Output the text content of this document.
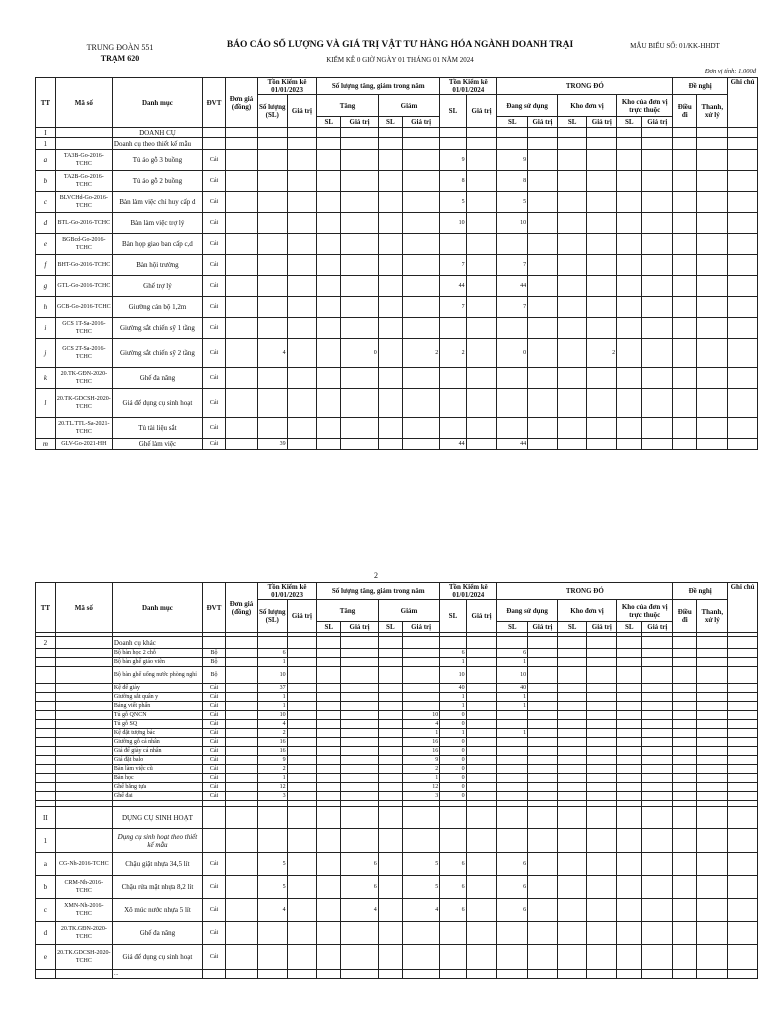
TRUNG ĐOÀN 551
TRẠM 620
BÁO CÁO SỐ LƯỢNG VÀ GIÁ TRỊ VẬT TƯ HÀNG HÓA NGÀNH DOANH TRẠI
KIỂM KÊ 0 GIỜ NGÀY 01 THÁNG 01 NĂM 2024
MẪU BIỂU SỐ: 01/KK-HHDT
Đơn vị tính: 1.000đ
TT	Mã số	Danh mục	ĐVT	Đơn giá (đồng)	Tồn Kiểm kê 01/01/2023		Số lượng tăng, giảm trong năm				Tồn Kiểm kê 01/01/2024		TRONG ĐÓ						Đề nghị		Ghi chú
					Số lượng (SL)	Giá trị	Tăng		Giảm		SL	Giá trị	Đang sử dụng		Kho đơn vị		Kho của đơn vị trực thuộc		Điều đi	Thanh, xử lý	
							SL	Giá trị	SL	Giá trị			SL	Giá trị	SL	Giá trị	SL	Giá trị			
I		DOANH CỤ																			
1		Doanh cụ theo thiết kế mẫu																			
a	TA3B-Go-2016-TCHC	Tủ áo gỗ 3 buồng	Cái								9		9								
b	TA2B-Go-2016-TCHC	Tủ áo gỗ 2 buồng	Cái								8		8								
c	BLVCHd-Go-2016-TCHC	Bàn làm việc chỉ huy cấp d	Cái								5		5								
d	BTL-Go-2016-TCHC	Bàn làm việc trợ lý	Cái								10		10								
e	BGBcd-Go-2016-TCHC	Bàn họp giao ban cấp c,d	Cái																		
f	BHT-Go-2016-TCHC	Bàn hội trường	Cái								7		7								
g	GTL-Go-2016-TCHC	Ghế trợ lý	Cái								44		44								
h	GCB-Go-2016-TCHC	Giường cán bộ 1,2m	Cái								7		7								
i	GCS 1T-Sa-2016-TCHC	Giường sắt chiến sỹ 1 tầng	Cái																		
j	GCS 2T-Sa-2016-TCHC	Giường sắt chiến sỹ 2 tầng	Cái		4			0		2	2		0			2					
k	20.TK-GĐN-2020-TCHC	Ghế đa năng	Cái																		
l	20.TK-GDCSH-2020-TCHC	Giá để dụng cụ sinh hoạt	Cái																		
	20.TL.TTL-Sa-2021-TCHC	Tủ tài liệu sắt	Cái																		
m	GLV-Go-2021-HH	Ghế làm việc	Cái		39						44		44								
2
TT	Mã số	Danh mục	ĐVT	Đơn giá (đồng)	Tồn Kiểm kê 01/01/2023		Số lượng tăng, giảm trong năm				Tồn Kiểm kê 01/01/2024		TRONG ĐÓ						Đề nghị		Ghi chú
					Số lượng (SL)	Giá trị	Tăng		Giảm		SL	Giá trị	Đang sử dụng		Kho đơn vị		Kho của đơn vị trực thuộc		Điều đi	Thanh, xử lý	
							SL	Giá trị	SL	Giá trị			SL	Giá trị	SL	Giá trị	SL	Giá trị			

2		Doanh cụ khác																			
		Bộ bàn học 2 chỗ	Bộ		6						6		6								
		Bộ bàn ghế giáo viên	Bộ		1						1		1								
		Bộ bàn ghế uống nước phòng nghỉ	Bộ		10						10		10								
		Kệ để giày	Cái		37						40		40								
		Giường sắt quân y	Cái		1						1		1								
		Bảng viết phấn	Cái		1						1		1								
		Tủ gỗ QNCN	Cái		10					10	0										
		Tủ gỗ SQ	Cái		4					4	0										
		Kệ đặt tượng bác	Cái		2					1	1		1								
		Giường gỗ cá nhân	Cái		16					16	0										
		Giá để giày cá nhân	Cái		16					16	0										
		Giá đặt balo	Cái		9					9	0										
		Bàn làm việc cũ	Cái		2					2	0										
		Bàn học	Cái		1					1	0										
		Ghế băng tựa	Cái		12					12	0										
		Ghế đai	Cái		3					3	0										

II		DỤNG CỤ SINH HOẠT																			
1		Dụng cụ sinh hoạt theo thiết kế mẫu																			
a	CG-Nh-2016-TCHC	Chậu giặt nhựa 34,5 lít	Cái		5			6		5	6		6								
b	CRM-Nh-2016-TCHC	Chậu rửa mặt nhựa 8,2 lít	Cái		5			6		5	6		6								
c	XMN-Nh-2016-TCHC	Xô múc nước nhựa 5 lít	Cái		4			4		4	6		6								
d	20.TK.GĐN-2020-TCHC	Ghế đa năng	Cái																		
e	20.TK.GDCSH-2020-TCHC	Giá để dụng cụ sinh hoạt	Cái																		
		...																			
